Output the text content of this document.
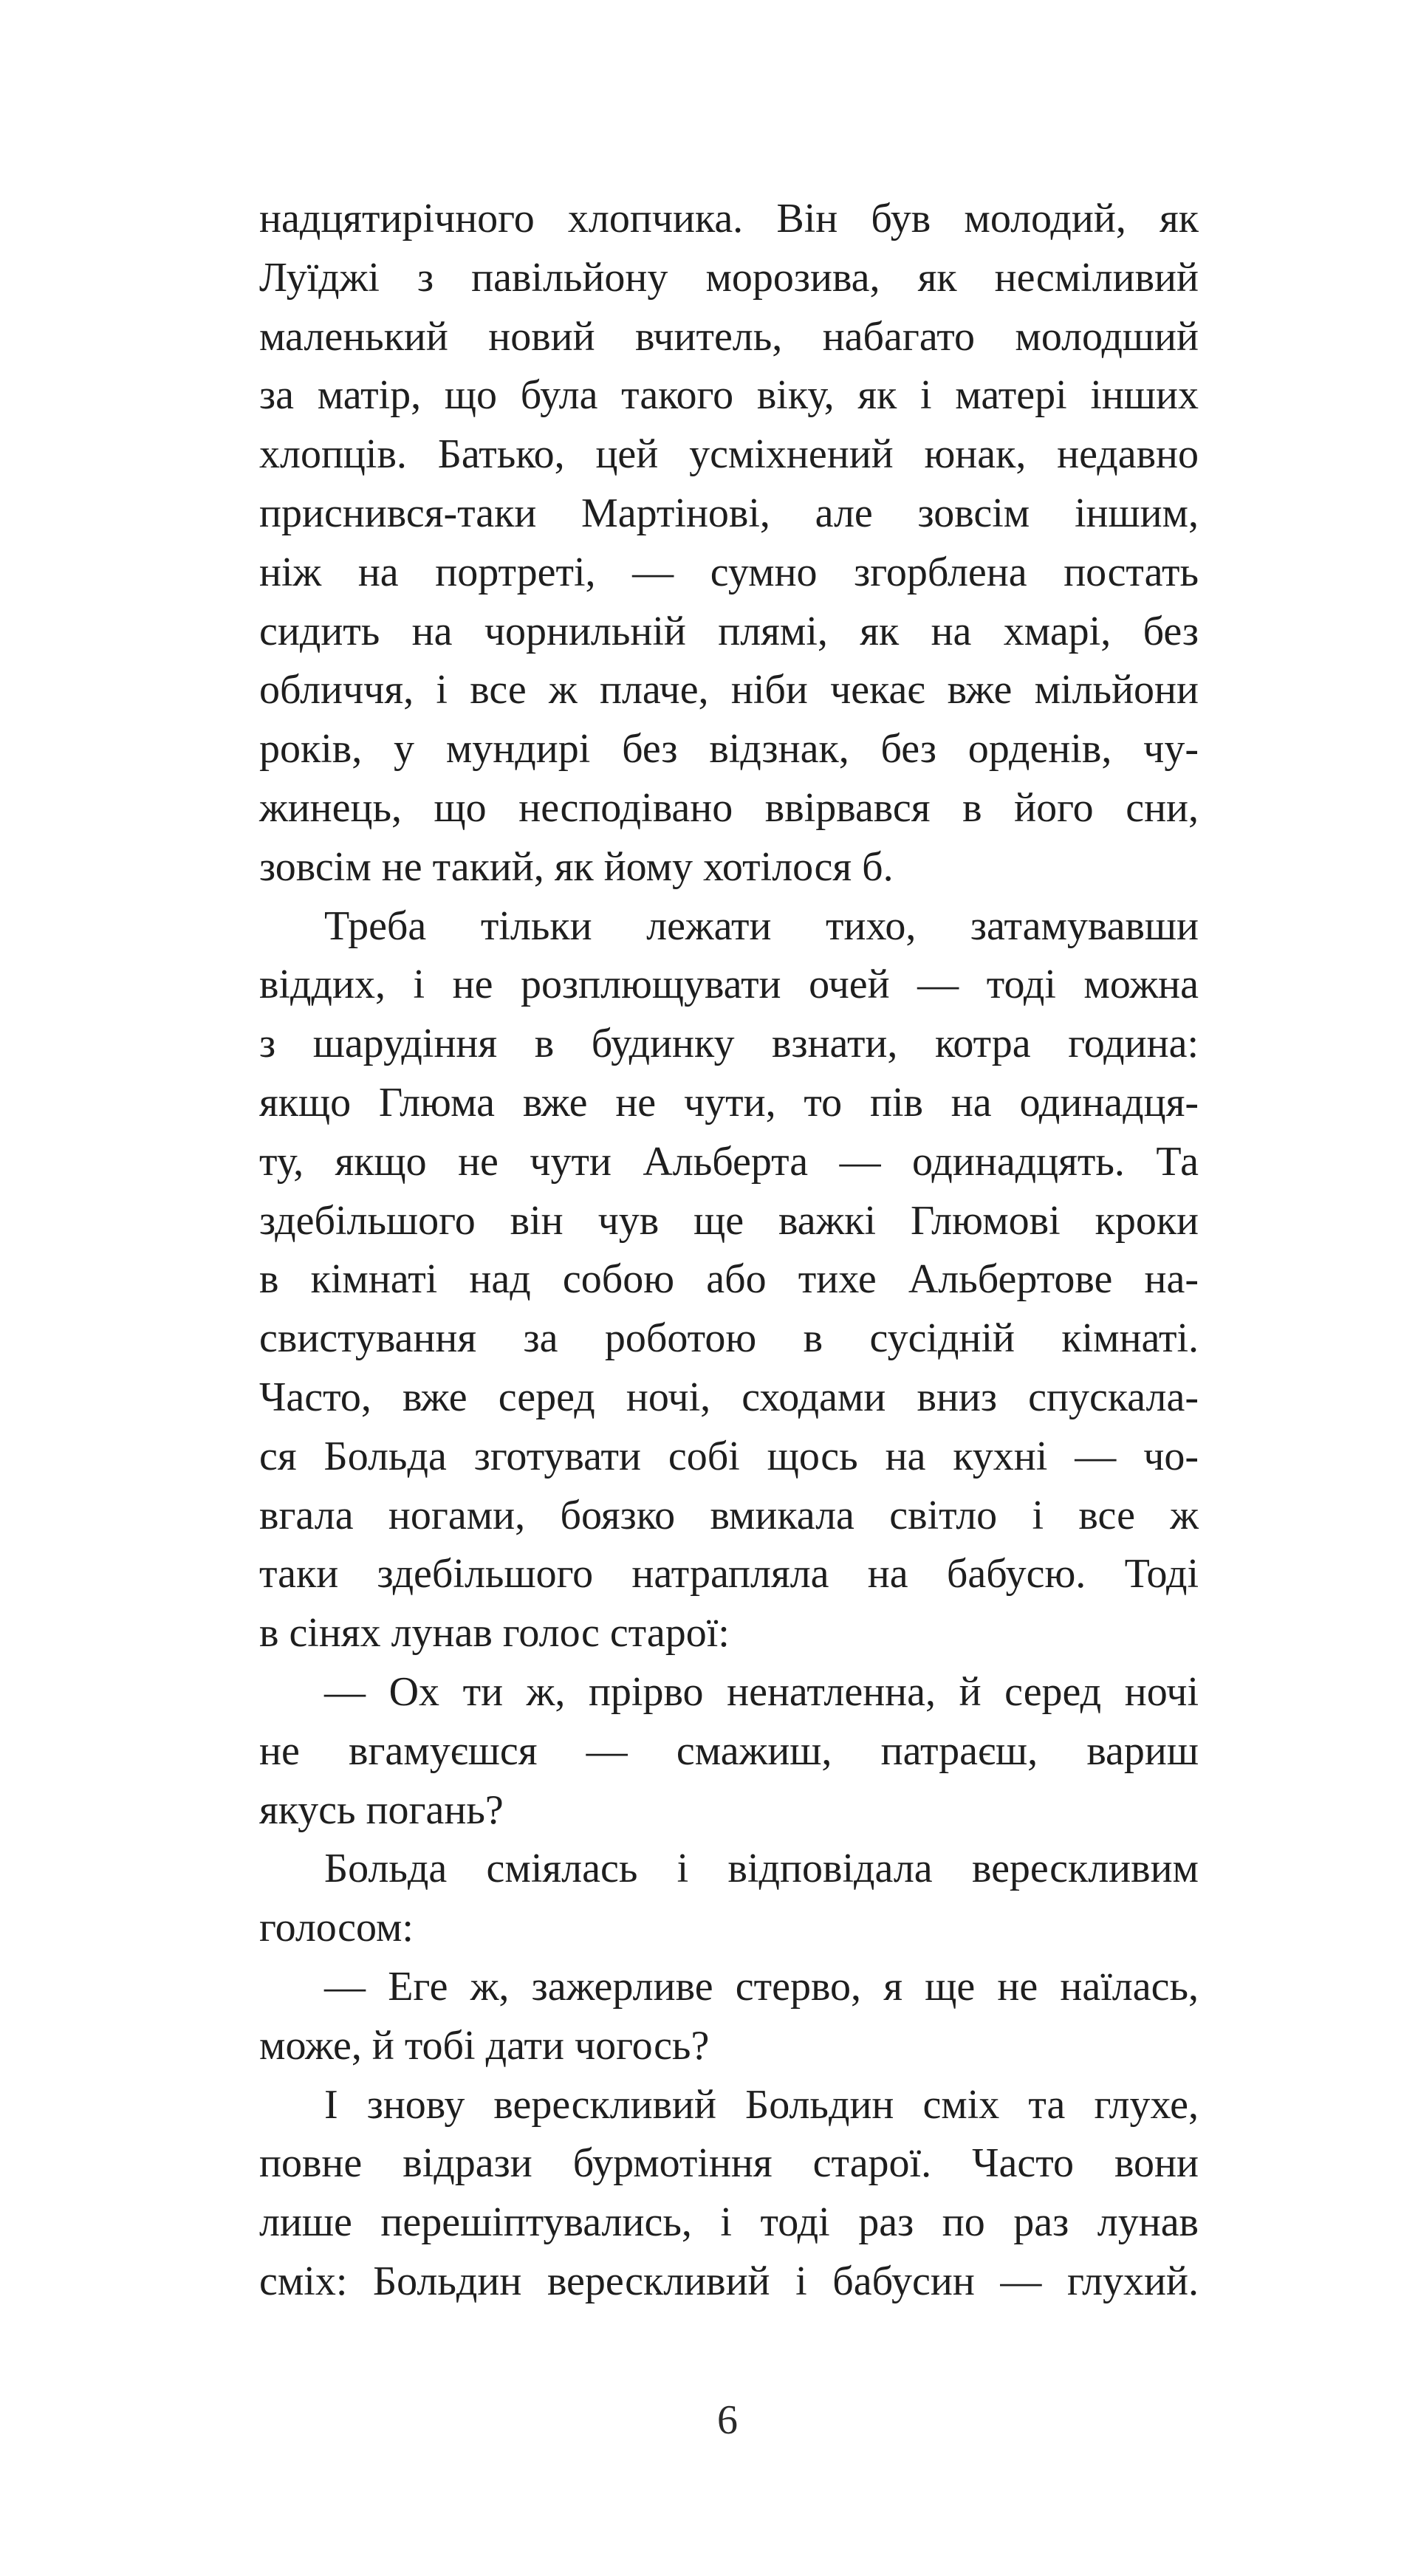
надцятирічного хлопчика. Він був молодий, як
Луїджі з павільйону морозива, як несміливий
маленький новий вчитель, набагато молодший
за матір, що була такого віку, як і матері інших
хлопців. Батько, цей усміхнений юнак, недавно
приснився-таки Мартінові, але зовсім іншим,
ніж на портреті, — сумно згорблена постать
сидить на чорнильній плямі, як на хмарі, без
обличчя, і все ж плаче, ніби чекає вже мільйони
років, у мундирі без відзнак, без орденів, чу-
жинець, що несподівано ввірвався в його сни,
зовсім не такий, як йому хотілося б.
Треба тільки лежати тихо, затамувавши
віддих, і не розплющувати очей — тоді можна
з шарудіння в будинку взнати, котра година:
якщо Глюма вже не чути, то пів на одинадця-
ту, якщо не чути Альберта — одинадцять. Та
здебільшого він чув ще важкі Глюмові кроки
в кімнаті над собою або тихе Альбертове на-
свистування за роботою в сусідній кімнаті.
Часто, вже серед ночі, сходами вниз спускала-
ся Больда зготувати собі щось на кухні — чо-
вгала ногами, боязко вмикала світло і все ж
таки здебільшого натрапляла на бабусю. Тоді
в сінях лунав голос старої:
— Ох ти ж, прірво ненатленна, й серед ночі
не вгамуєшся — смажиш, патраєш, вариш
якусь погань?
Больда сміялась і відповідала верескливим
голосом:
— Еге ж, зажерливе стерво, я ще не наїлась,
може, й тобі дати чогось?
І знову верескливий Больдин сміх та глухе,
повне відрази бурмотіння старої. Часто вони
лише перешіптувались, і тоді раз по раз лунав
сміх: Больдин верескливий і бабусин — глухий.
6
